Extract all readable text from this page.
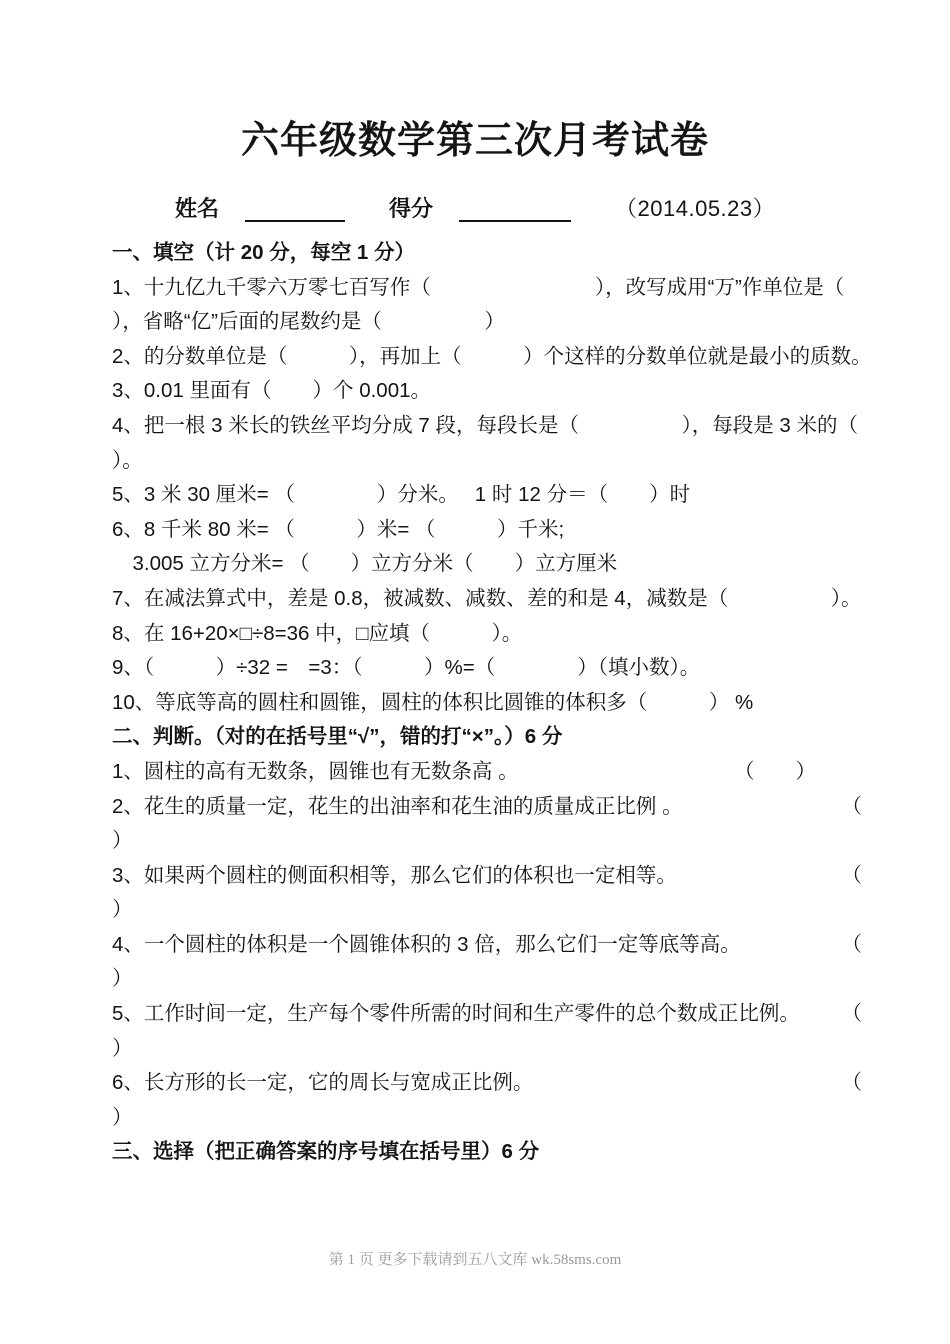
六年级数学第三次月考试卷
姓名	得分	（2014.05.23）
一、填空（计 20 分，每空 1 分）
1、十九亿九千零六万零七百写作（　　　　　　　　），改写成用“万”作单位是（
），省略“亿”后面的尾数约是（　　　　　）
2、的分数单位是（　　　），再加上（　　　）个这样的分数单位就是最小的质数。
3、0.01 里面有（　　）个 0.001。
4、把一根 3 米长的铁丝平均分成 7 段，每段长是（　　　　　），每段是 3 米的（
）。
5、3 米 30 厘米= （　　　　）分米。　 1 时 12 分＝（　　）时
6、8 千米 80 米= （　　　）米= （　　　）千米;
　3.005 立方分米= （　　）立方分米（　　）立方厘米
7、在减法算式中，差是 0.8，被减数、减数、差的和是 4，减数是（　　　　　）。
8、在 16+20×□÷8=36 中，□应填（　　　）。
9、（　　　）÷32 =　=3：（　　　）%=（　　　　）（填小数）。
10、等底等高的圆柱和圆锥，圆柱的体积比圆锥的体积多（　　　） %
二、判断。（对的在括号里“√”，错的打“×”。）6 分
1、圆柱的高有无数条，圆锥也有无数条高 。	（　　）
2、花生的质量一定，花生的出油率和花生油的质量成正比例 。	（
）
3、如果两个圆柱的侧面积相等，那么它们的体积也一定相等。	（
）
4、一个圆柱的体积是一个圆锥体积的 3 倍，那么它们一定等底等高。	（
）
5、工作时间一定，生产每个零件所需的时间和生产零件的总个数成正比例。 （
）
6、长方形的长一定，它的周长与宽成正比例。	（
）
三、选择（把正确答案的序号填在括号里）6 分
第 1 页 更多下载请到五八文库 wk.58sms.com
